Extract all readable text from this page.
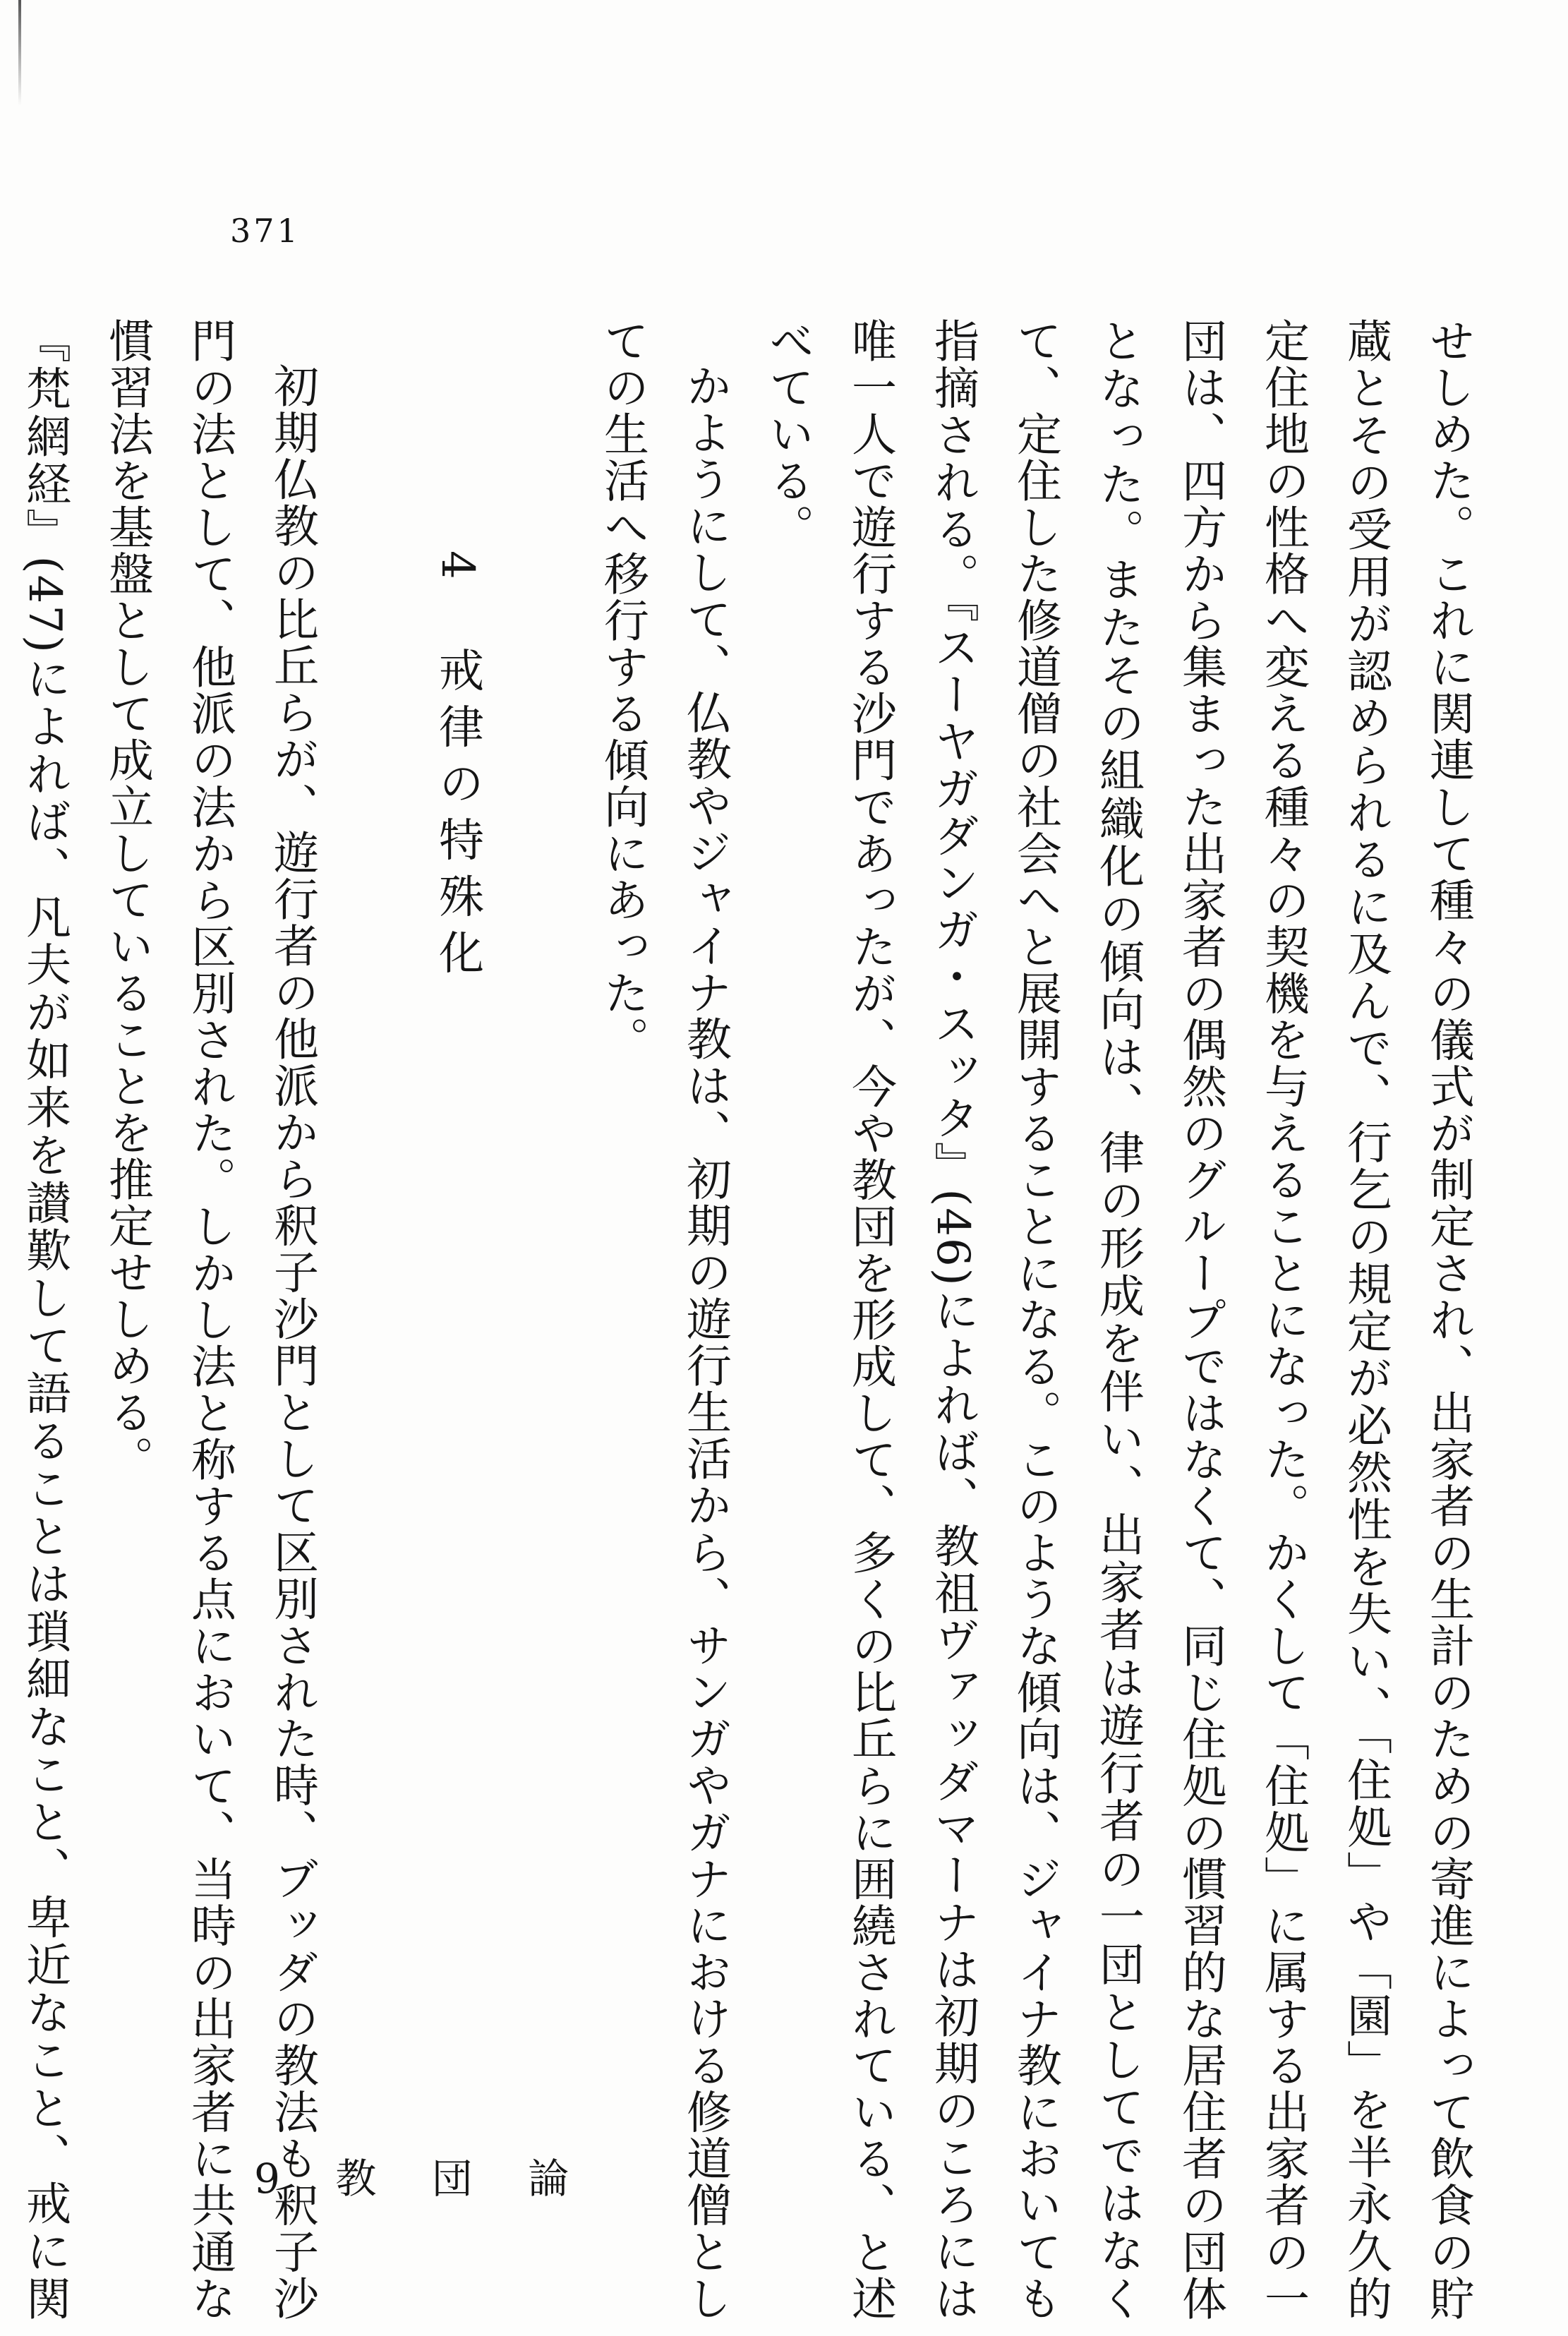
371

せしめた。これに関連して種々の儀式が制定され、出家者の生計のための寄進によって飲食の貯蔵とその受用が認められるに及んで、行乞の規定が必然性を失い、「住処」や「園」を半永久的定住地の性格へ変える種々の契機を与えることになった。かくして「住処」に属する出家者の一団は、四方から集まった出家者の偶然のグループではなくて、同じ住処の慣習的な居住者の団体となった。またその組織化の傾向は、律の形成を伴い、出家者は遊行者の一団としてではなくて、定住した修道僧の社会へと展開することになる。このような傾向は、ジャイナ教においても指摘される。『スーヤガダンガ・スッタ』(46)によれば、教祖ヴァッダマーナは初期のころには唯一人で遊行する沙門であったが、今や教団を形成して、多くの比丘らに囲繞されている、と述べている。

かようにして、仏教やジャイナ教は、初期の遊行生活から、サンガやガナにおける修道僧としての生活へ移行する傾向にあった。

4戒律の特殊化

初期仏教の比丘らが、遊行者の他派から釈子沙門として区別された時、ブッダの教法も釈子沙門の法として、他派の法から区別された。しかし法と称する点において、当時の出家者に共通な慣習法を基盤として成立していることを推定せしめる。

『梵網経』(47)によれば、凡夫が如来を讃歎して語ることは瑣細なこと、卑近なこと、戒に関

9 教 団 論
